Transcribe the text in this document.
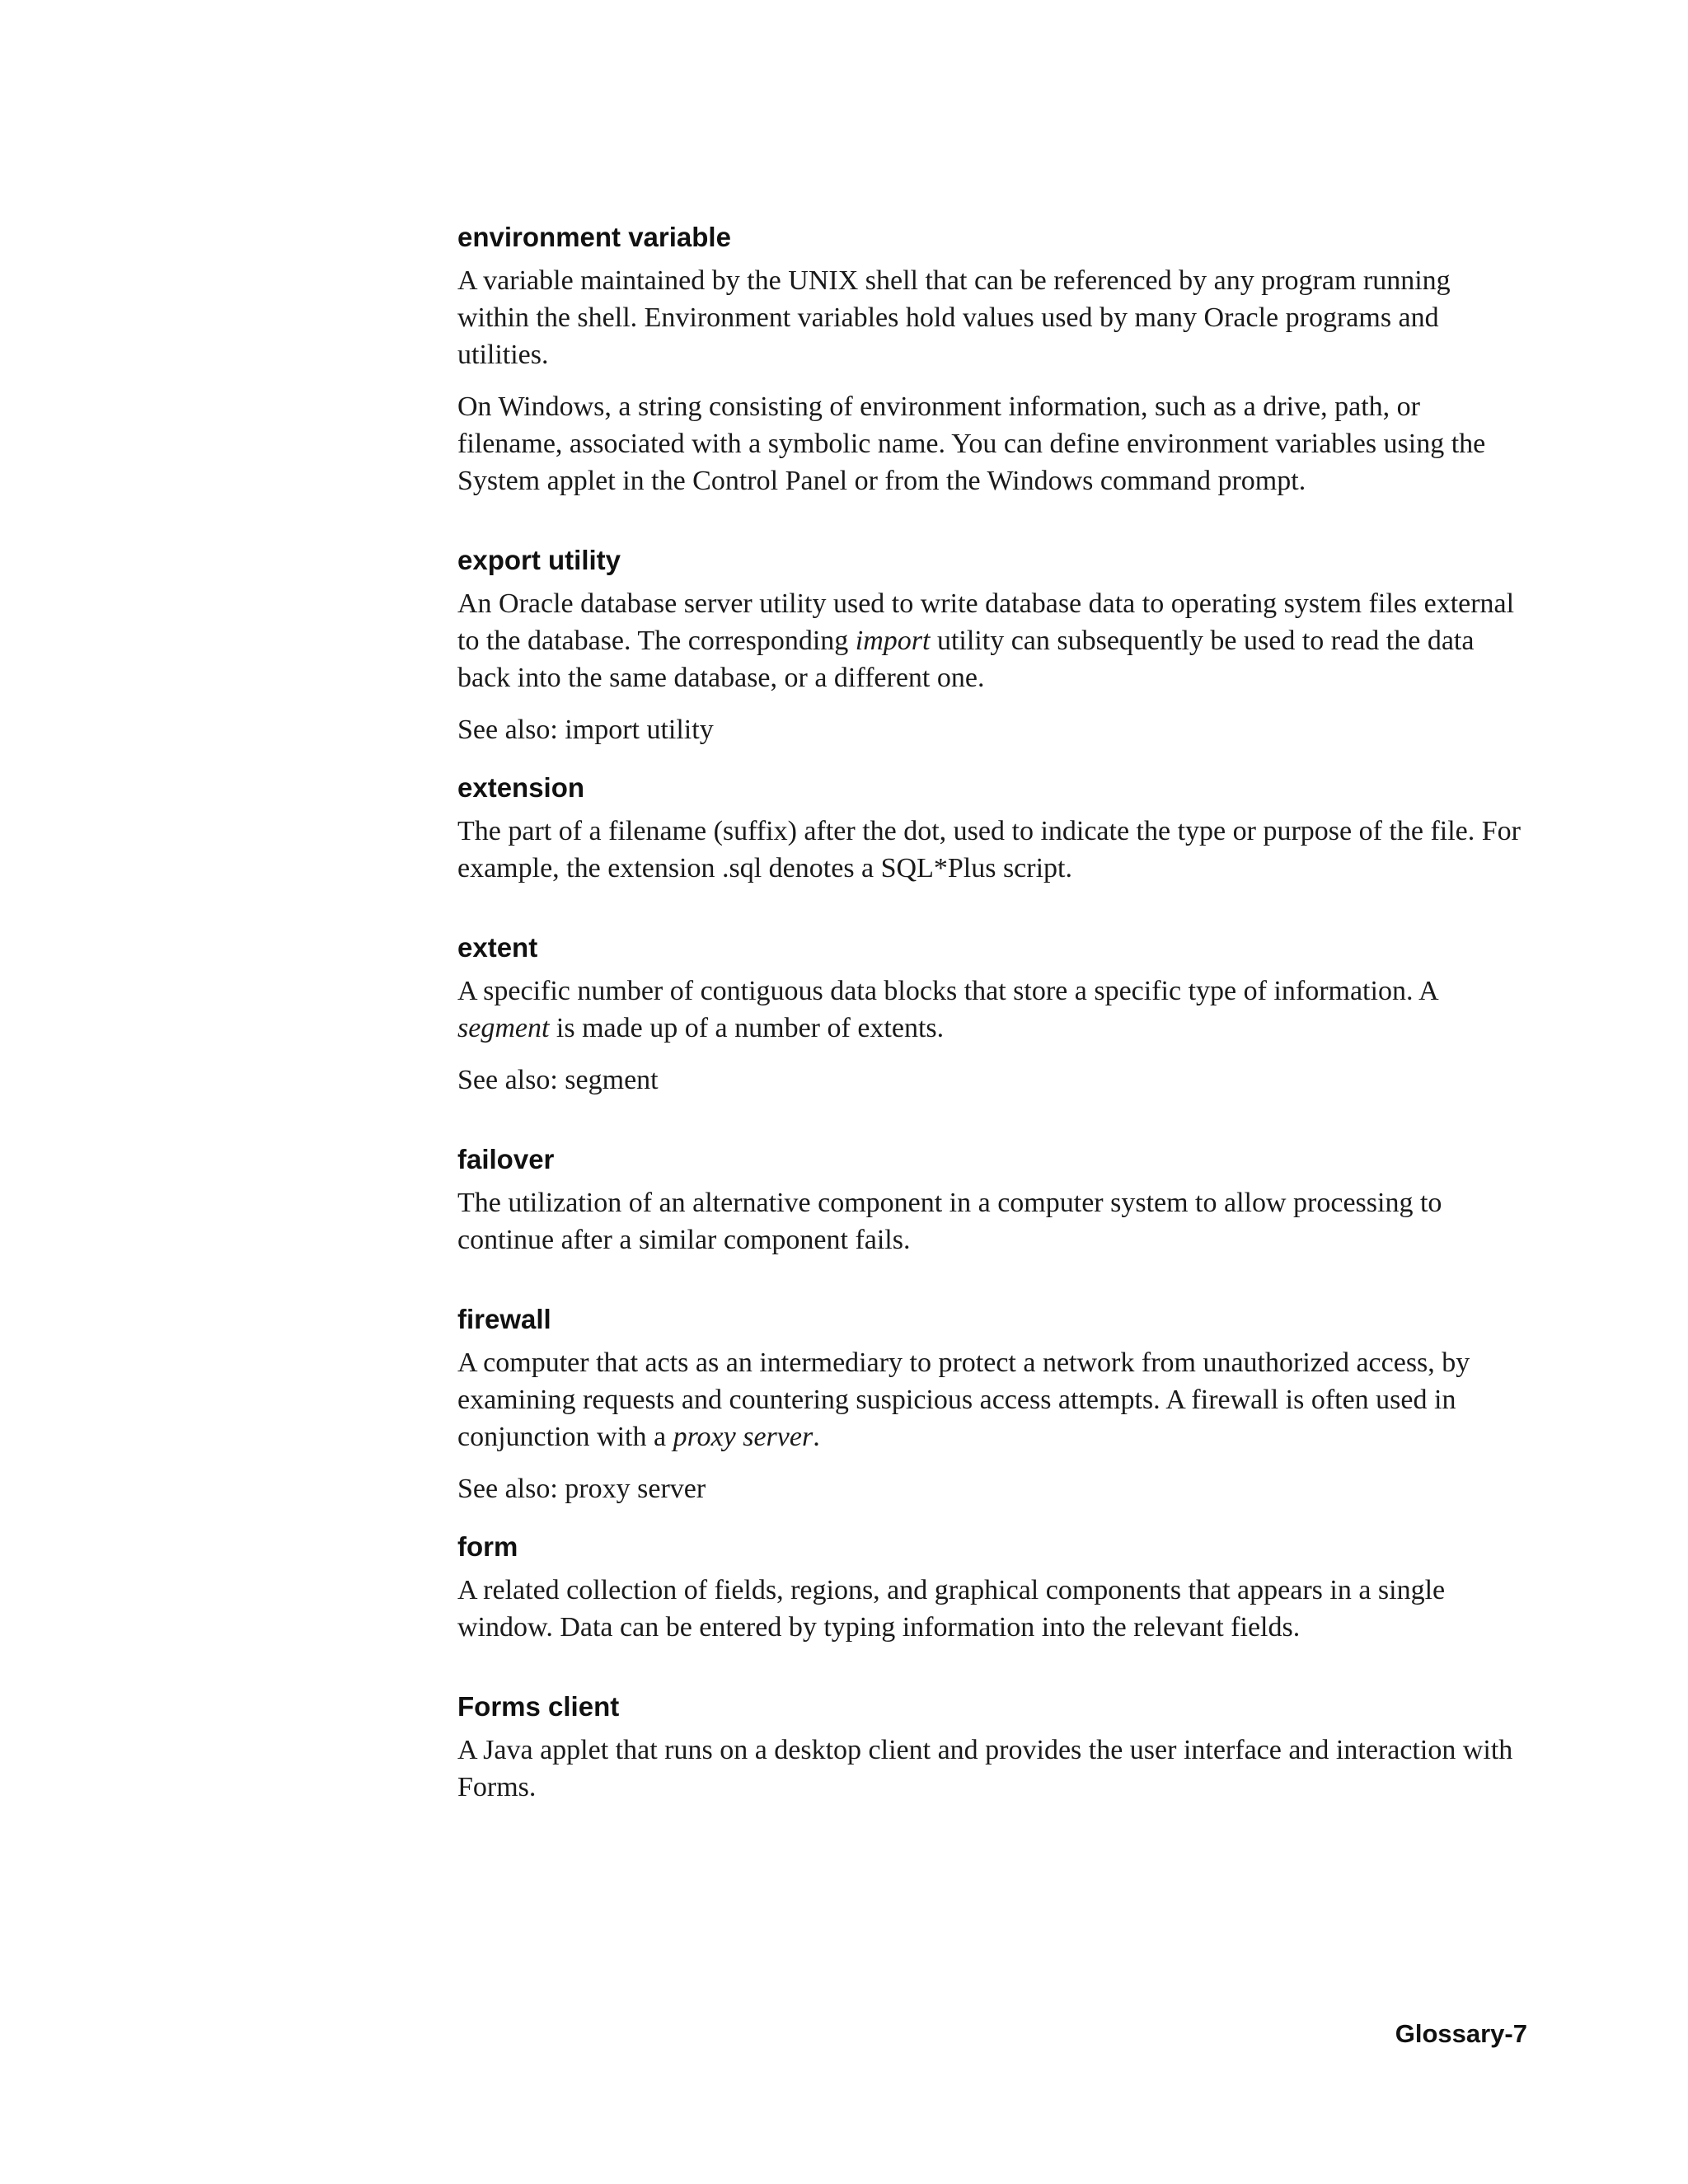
environment variable

A variable maintained by the UNIX shell that can be referenced by any program running within the shell. Environment variables hold values used by many Oracle programs and utilities.

On Windows, a string consisting of environment information, such as a drive, path, or filename, associated with a symbolic name. You can define environment variables using the System applet in the Control Panel or from the Windows command prompt.

export utility

An Oracle database server utility used to write database data to operating system files external to the database. The corresponding import utility can subsequently be used to read the data back into the same database, or a different one.

See also: import utility

extension

The part of a filename (suffix) after the dot, used to indicate the type or purpose of the file. For example, the extension .sql denotes a SQL*Plus script.

extent

A specific number of contiguous data blocks that store a specific type of information. A segment is made up of a number of extents.

See also: segment

failover

The utilization of an alternative component in a computer system to allow processing to continue after a similar component fails.

firewall

A computer that acts as an intermediary to protect a network from unauthorized access, by examining requests and countering suspicious access attempts. A firewall is often used in conjunction with a proxy server.

See also: proxy server

form

A related collection of fields, regions, and graphical components that appears in a single window. Data can be entered by typing information into the relevant fields.

Forms client

A Java applet that runs on a desktop client and provides the user interface and interaction with Forms.

Glossary-7
